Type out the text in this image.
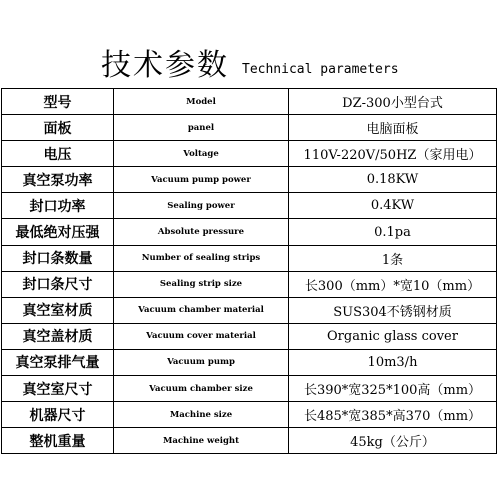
技术参数 Technical parameters
型号	Model	DZ-300小型台式
面板	panel	电脑面板
电压	Voltage	110V-220V/50HZ（家用电）
真空泵功率	Vacuum pump power	0.18KW
封口功率	Sealing power	0.4KW
最低绝对压强	Absolute pressure	0.1pa
封口条数量	Number of sealing strips	1条
封口条尺寸	Sealing strip size	长300（mm）*宽10（mm）
真空室材质	Vacuum chamber material	SUS304不锈钢材质
真空盖材质	Vacuum cover material	Organic glass cover
真空泵排气量	Vacuum pump	10m3/h
真空室尺寸	Vacuum chamber size	长390*宽325*100高（mm）
机器尺寸	Machine size	长485*宽385*高370（mm）
整机重量	Machine weight	45kg（公斤）
